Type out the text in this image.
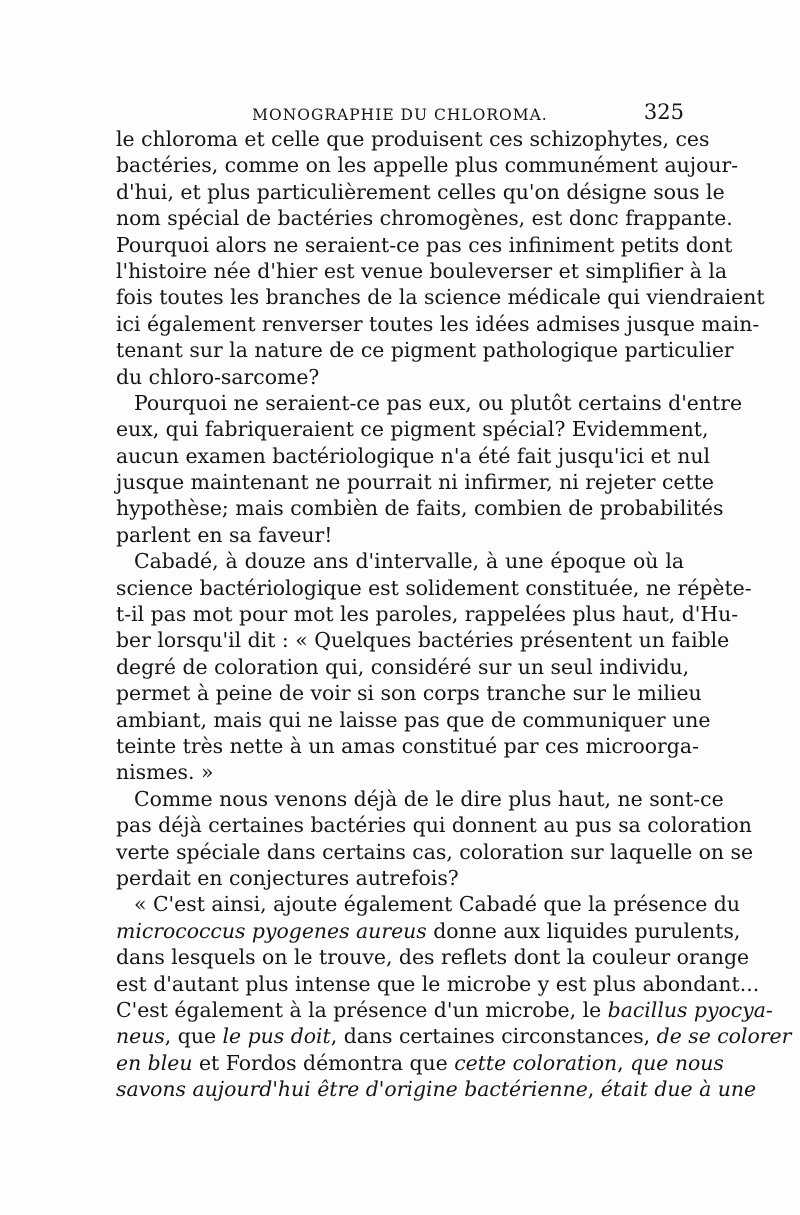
MONOGRAPHIE DU CHLOROMA.	325
le chloroma et celle que produisent ces schizophytes, ces
bactéries, comme on les appelle plus communément aujour-
d'hui, et plus particulièrement celles qu'on désigne sous le
nom spécial de bactéries chromogènes, est donc frappante.
Pourquoi alors ne seraient-ce pas ces infiniment petits dont
l'histoire née d'hier est venue bouleverser et simplifier à la
fois toutes les branches de la science médicale qui viendraient
ici également renverser toutes les idées admises jusque main-
tenant sur la nature de ce pigment pathologique particulier
du chloro-sarcome?
Pourquoi ne seraient-ce pas eux, ou plutôt certains d'entre
eux, qui fabriqueraient ce pigment spécial? Evidemment,
aucun examen bactériologique n'a été fait jusqu'ici et nul
jusque maintenant ne pourrait ni infirmer, ni rejeter cette
hypothèse; mais combièn de faits, combien de probabilités
parlent en sa faveur!
Cabadé, à douze ans d'intervalle, à une époque où la
science bactériologique est solidement constituée, ne répète-
t-il pas mot pour mot les paroles, rappelées plus haut, d'Hu-
ber lorsqu'il dit : « Quelques bactéries présentent un faible
degré de coloration qui, considéré sur un seul individu,
permet à peine de voir si son corps tranche sur le milieu
ambiant, mais qui ne laisse pas que de communiquer une
teinte très nette à un amas constitué par ces microorga-
nismes. »
Comme nous venons déjà de le dire plus haut, ne sont-ce
pas déjà certaines bactéries qui donnent au pus sa coloration
verte spéciale dans certains cas, coloration sur laquelle on se
perdait en conjectures autrefois?
« C'est ainsi, ajoute également Cabadé que la présence du
micrococcus pyogenes aureus donne aux liquides purulents,
dans lesquels on le trouve, des reflets dont la couleur orange
est d'autant plus intense que le microbe y est plus abondant...
C'est également à la présence d'un microbe, le bacillus pyocya-
neus, que le pus doit, dans certaines circonstances, de se colorer
en bleu et Fordos démontra que cette coloration, que nous
savons aujourd'hui être d'origine bactérienne, était due à une
